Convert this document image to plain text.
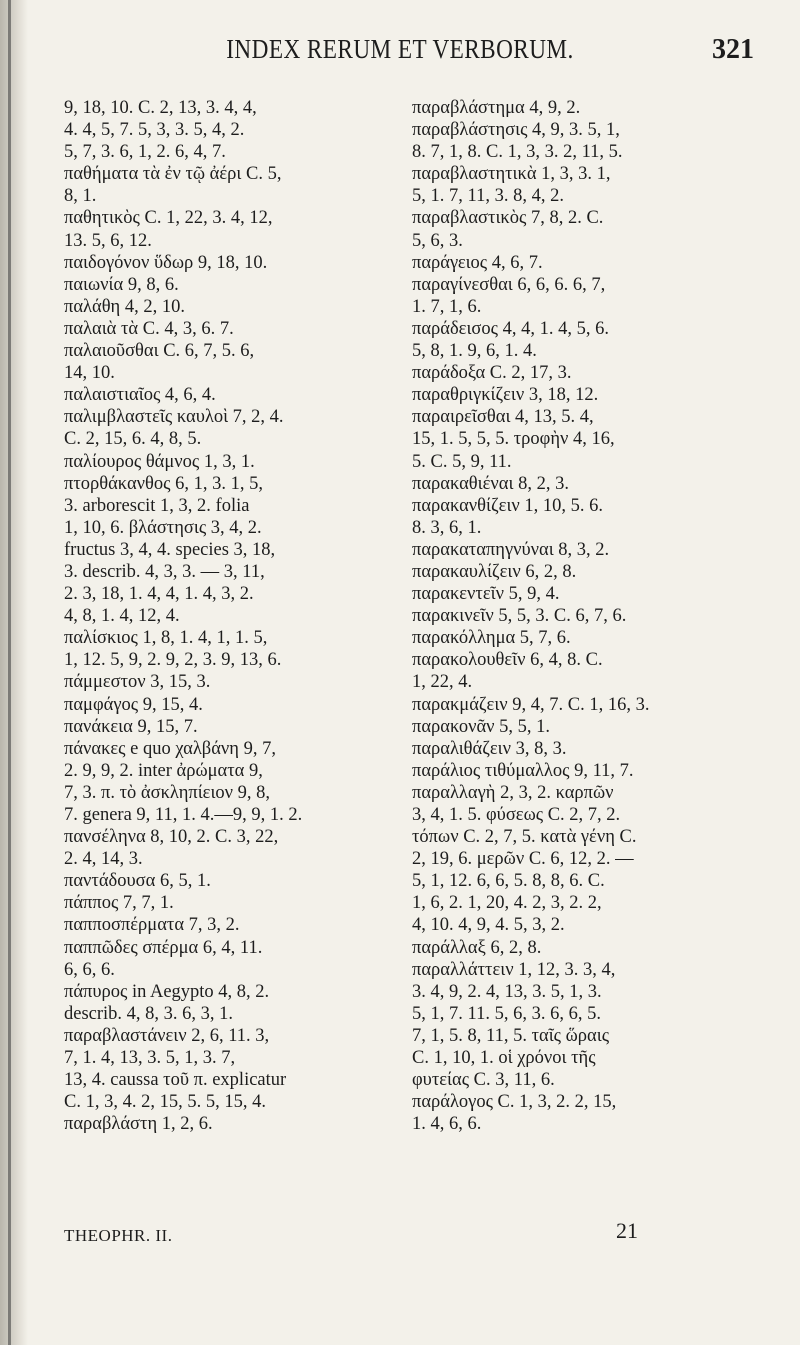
INDEX RERUM ET VERBORUM.	321
9, 18, 10. C. 2, 13, 3. 4, 4,
4. 4, 5, 7. 5, 3, 3. 5, 4, 2.
5, 7, 3. 6, 1, 2. 6, 4, 7.
παθήματα τὰ ἐν τῷ ἀέρι C. 5,
8, 1.
παθητικὸς C. 1, 22, 3. 4, 12,
13. 5, 6, 12.
παιδογόνον ὕδωρ 9, 18, 10.
παιωνία 9, 8, 6.
παλάθη 4, 2, 10.
παλαιὰ τὰ C. 4, 3, 6. 7.
παλαιοῦσθαι C. 6, 7, 5. 6,
14, 10.
παλαιστιαῖος 4, 6, 4.
παλιμβλαστεῖς καυλοὶ 7, 2, 4.
C. 2, 15, 6. 4, 8, 5.
παλίουρος θάμνος 1, 3, 1.
πτορθάκανθος 6, 1, 3. 1, 5,
3. arborescit 1, 3, 2. folia
1, 10, 6. βλάστησις 3, 4, 2.
fructus 3, 4, 4. species 3, 18,
3. describ. 4, 3, 3. — 3, 11,
2. 3, 18, 1. 4, 4, 1. 4, 3, 2.
4, 8, 1. 4, 12, 4.
παλίσκιος 1, 8, 1. 4, 1, 1. 5,
1, 12. 5, 9, 2. 9, 2, 3. 9, 13, 6.
πάμμεστον 3, 15, 3.
παμφάγος 9, 15, 4.
πανάκεια 9, 15, 7.
πάνακες e quo χαλβάνη 9, 7,
2. 9, 9, 2. inter ἀρώματα 9,
7, 3. π. τὸ ἀσκληπίειον 9, 8,
7. genera 9, 11, 1. 4.—9, 9, 1. 2.
πανσέληνα 8, 10, 2. C. 3, 22,
2. 4, 14, 3.
παντάδουσα 6, 5, 1.
πάππος 7, 7, 1.
παπποσπέρματα 7, 3, 2.
παππῶδες σπέρμα 6, 4, 11.
6, 6, 6.
πάπυρος in Aegypto 4, 8, 2.
describ. 4, 8, 3. 6, 3, 1.
παραβλαστάνειν 2, 6, 11. 3,
7, 1. 4, 13, 3. 5, 1, 3. 7,
13, 4. caussa τοῦ π. explicatur
C. 1, 3, 4. 2, 15, 5. 5, 15, 4.
παραβλάστη 1, 2, 6.
παραβλάστημα 4, 9, 2.
παραβλάστησις 4, 9, 3. 5, 1,
8. 7, 1, 8. C. 1, 3, 3. 2, 11, 5.
παραβλαστητικὰ 1, 3, 3. 1,
5, 1. 7, 11, 3. 8, 4, 2.
παραβλαστικὸς 7, 8, 2. C.
5, 6, 3.
παράγειος 4, 6, 7.
παραγίνεσθαι 6, 6, 6. 6, 7,
1. 7, 1, 6.
παράδεισος 4, 4, 1. 4, 5, 6.
5, 8, 1. 9, 6, 1. 4.
παράδοξα C. 2, 17, 3.
παραθριγκίζειν 3, 18, 12.
παραιρεῖσθαι 4, 13, 5. 4,
15, 1. 5, 5, 5. τροφὴν 4, 16,
5. C. 5, 9, 11.
παρακαθιέναι 8, 2, 3.
παρακανθίζειν 1, 10, 5. 6.
8. 3, 6, 1.
παρακαταπηγνύναι 8, 3, 2.
παρακαυλίζειν 6, 2, 8.
παρακεντεῖν 5, 9, 4.
παρακινεῖν 5, 5, 3. C. 6, 7, 6.
παρακόλλημα 5, 7, 6.
παρακολουθεῖν 6, 4, 8. C.
1, 22, 4.
παρακμάζειν 9, 4, 7. C. 1, 16, 3.
παρακονᾶν 5, 5, 1.
παραλιθάζειν 3, 8, 3.
παράλιος τιθύμαλλος 9, 11, 7.
παραλλαγὴ 2, 3, 2. καρπῶν
3, 4, 1. 5. φύσεως C. 2, 7, 2.
τόπων C. 2, 7, 5. κατὰ γένη C.
2, 19, 6. μερῶν C. 6, 12, 2. —
5, 1, 12. 6, 6, 5. 8, 8, 6. C.
1, 6, 2. 1, 20, 4. 2, 3, 2. 2,
4, 10. 4, 9, 4. 5, 3, 2.
παράλλαξ 6, 2, 8.
παραλλάττειν 1, 12, 3. 3, 4,
3. 4, 9, 2. 4, 13, 3. 5, 1, 3.
5, 1, 7. 11. 5, 6, 3. 6, 6, 5.
7, 1, 5. 8, 11, 5. ταῖς ὥραις
C. 1, 10, 1. οἱ χρόνοι τῆς
φυτείας C. 3, 11, 6.
παράλογος C. 1, 3, 2. 2, 15,
1. 4, 6, 6.
THEOPHR. II.	21
